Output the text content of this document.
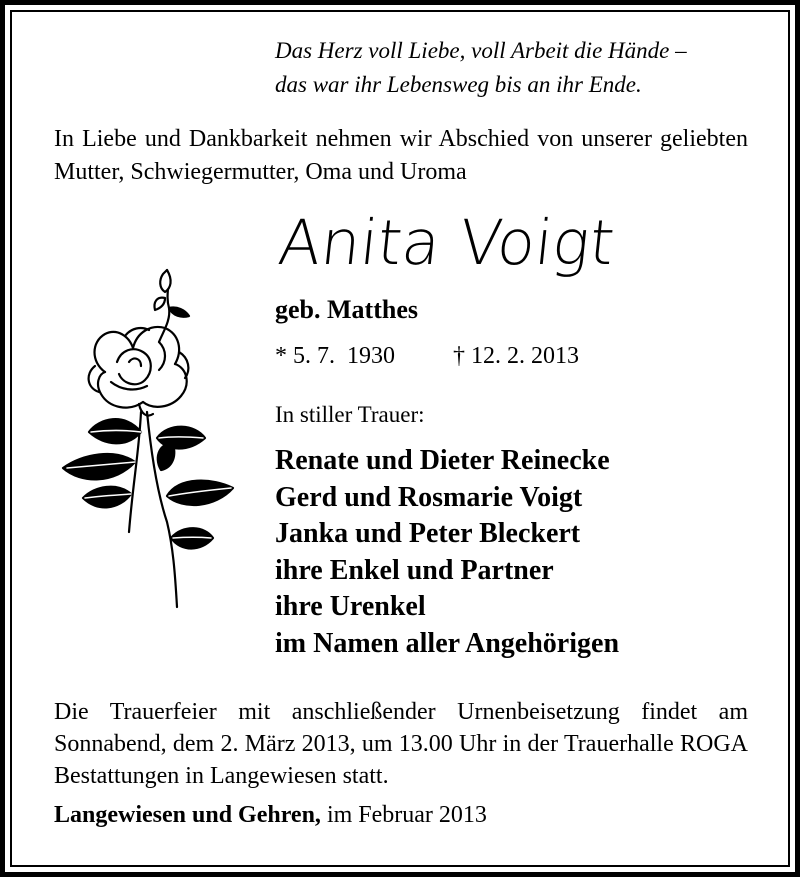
Das Herz voll Liebe, voll Arbeit die Hände –
das war ihr Lebensweg bis an ihr Ende.
In Liebe und Dankbarkeit nehmen wir Abschied von unserer geliebten Mutter, Schwiegermutter, Oma und Uroma
Anita Voigt
geb. Matthes
* 5. 7.  1930 † 12. 2. 2013
In stiller Trauer:
Renate und Dieter Reinecke
Gerd und Rosmarie Voigt
Janka und Peter Bleckert
ihre Enkel und Partner
ihre Urenkel
im Namen aller Angehörigen
Die Trauerfeier mit anschließender Urnenbeisetzung findet am Sonnabend, dem 2. März 2013, um 13.00 Uhr in der Trauerhalle ROGA Bestattungen in Langewiesen statt.
Langewiesen und Gehren, im Februar 2013
